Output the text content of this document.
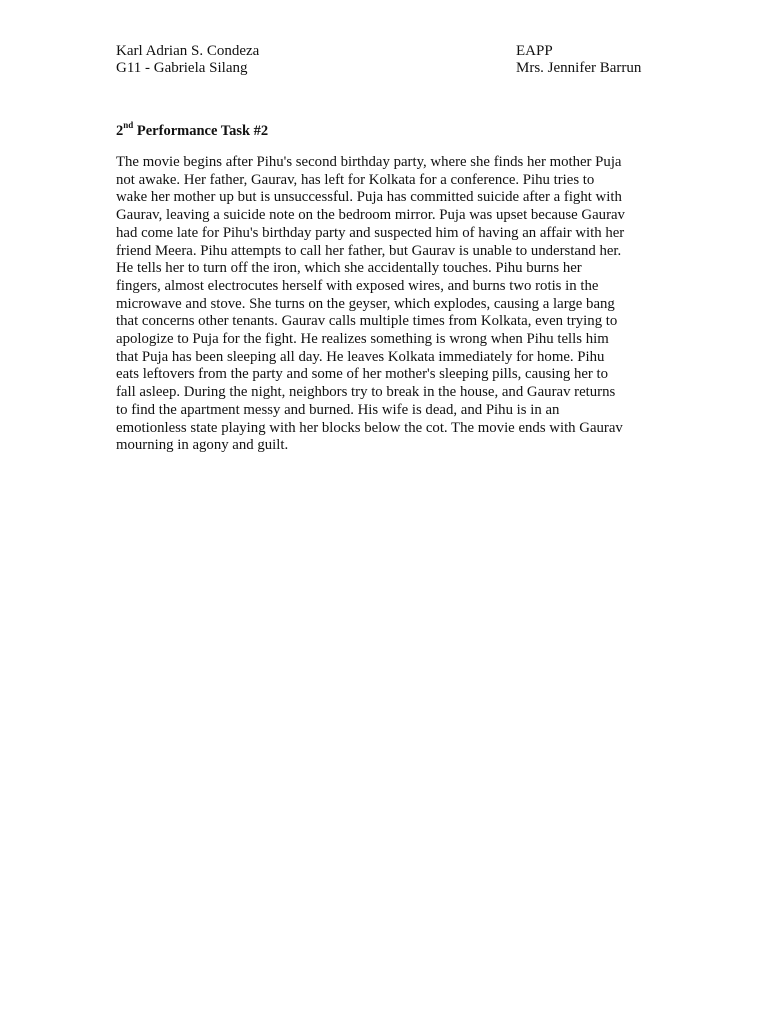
Karl Adrian S. Condeza	EAPP
G11 - Gabriela Silang	Mrs. Jennifer Barrun
2nd Performance Task #2
The movie begins after Pihu's second birthday party, where she finds her mother Puja
not awake. Her father, Gaurav, has left for Kolkata for a conference. Pihu tries to
wake her mother up but is unsuccessful. Puja has committed suicide after a fight with
Gaurav, leaving a suicide note on the bedroom mirror. Puja was upset because Gaurav
had come late for Pihu's birthday party and suspected him of having an affair with her
friend Meera. Pihu attempts to call her father, but Gaurav is unable to understand her.
He tells her to turn off the iron, which she accidentally touches. Pihu burns her
fingers, almost electrocutes herself with exposed wires, and burns two rotis in the
microwave and stove. She turns on the geyser, which explodes, causing a large bang
that concerns other tenants. Gaurav calls multiple times from Kolkata, even trying to
apologize to Puja for the fight. He realizes something is wrong when Pihu tells him
that Puja has been sleeping all day. He leaves Kolkata immediately for home. Pihu
eats leftovers from the party and some of her mother's sleeping pills, causing her to
fall asleep. During the night, neighbors try to break in the house, and Gaurav returns
to find the apartment messy and burned. His wife is dead, and Pihu is in an
emotionless state playing with her blocks below the cot. The movie ends with Gaurav
mourning in agony and guilt.
